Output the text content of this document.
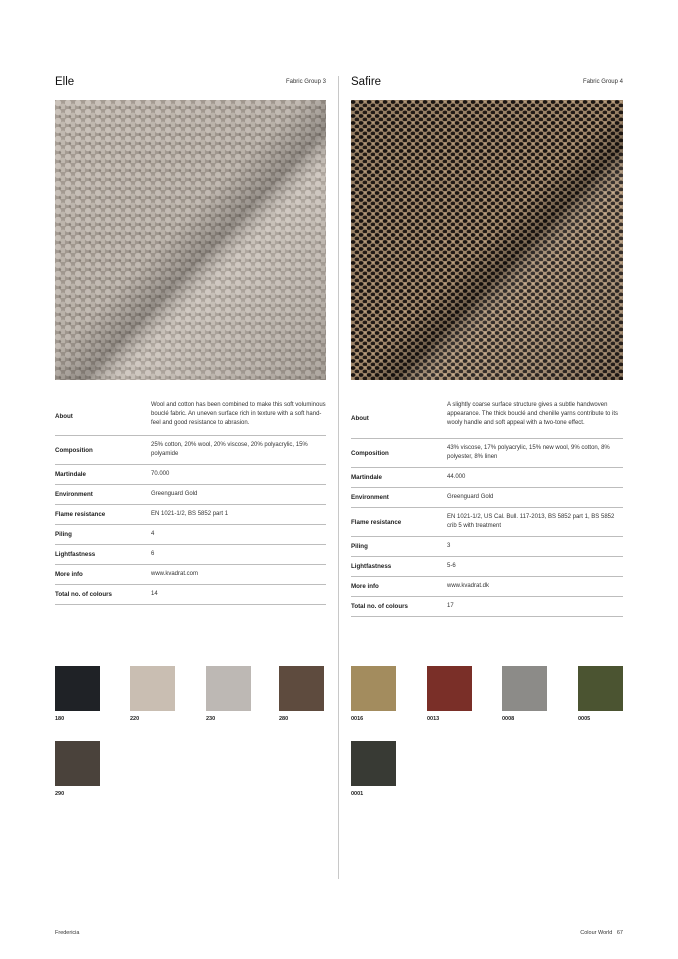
Elle	Fabric Group 3
About	Wool and cotton has been combined to make this soft voluminous bouclé fabric. An uneven surface rich in texture with a soft hand-feel and good resistance to abrasion.
Composition	25% cotton, 20% wool, 20% viscose, 20% polyacrylic, 15% polyamide
Martindale	70.000
Environment	Greenguard Gold
Flame resistance	EN 1021-1/2, BS 5852 part 1
Piling	4
Lightfastness	6
More info	www.kvadrat.com
Total no. of colours	14
180	220	230	280
290
Safire	Fabric Group 4
About	A slightly coarse surface structure gives a subtle handwoven appearance. The thick bouclé and chenille yarns contribute to its wooly handle and soft appeal with a two-tone effect.
Composition	43% viscose, 17% polyacrylic, 15% new wool, 9% cotton, 8% polyester, 8% linen
Martindale	44.000
Environment	Greenguard Gold
Flame resistance	EN 1021-1/2, US Cal. Bull. 117-2013, BS 5852 part 1, BS 5852 crib 5 with treatment
Piling	3
Lightfastness	5-6
More info	www.kvadrat.dk
Total no. of colours	17
0016	0013	0008	0005
0001
Fredericia	Colour World 67
